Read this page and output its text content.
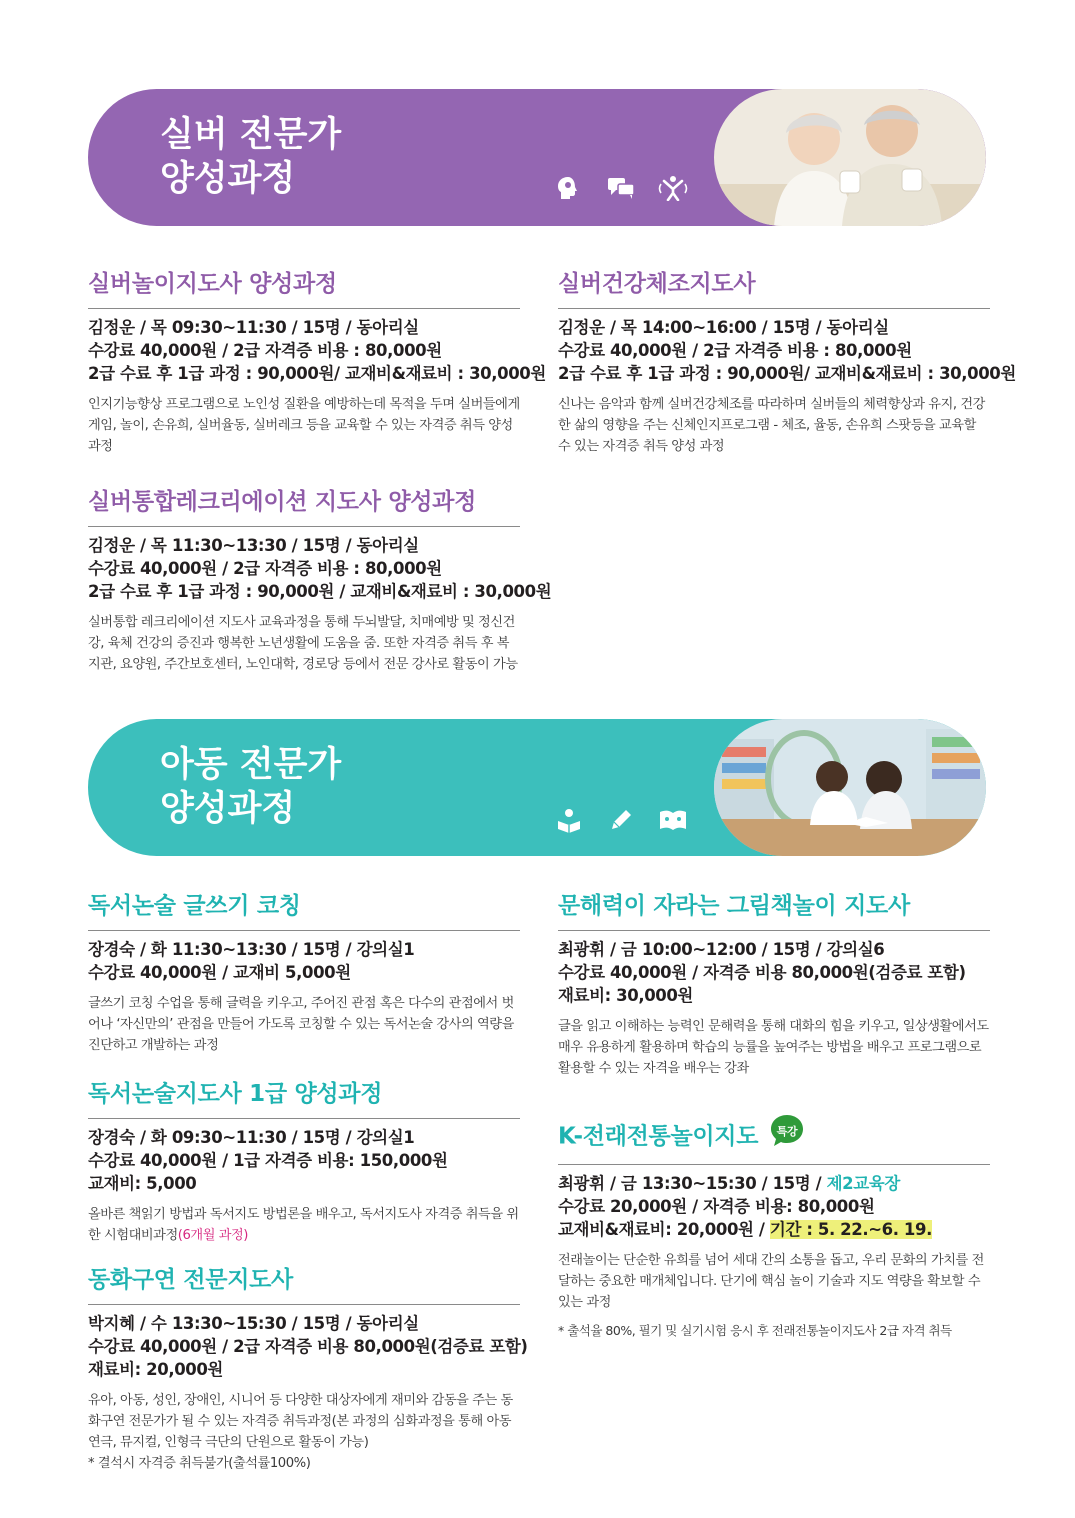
실버 전문가
양성과정
실버놀이지도사 양성과정
김정운 / 목 09:30~11:30 / 15명 / 동아리실
수강료 40,000원 / 2급 자격증 비용 : 80,000원
2급 수료 후 1급 과정 : 90,000원/ 교재비&재료비 : 30,000원
인지기능향상 프로그램으로 노인성 질환을 예방하는데 목적을 두며 실버들에게 게임, 놀이, 손유희, 실버율동, 실버레크 등을 교육할 수 있는 자격증 취득 양성 과정
실버건강체조지도사
김정운 / 목 14:00~16:00 / 15명 / 동아리실
수강료 40,000원 / 2급 자격증 비용 : 80,000원
2급 수료 후 1급 과정 : 90,000원/ 교재비&재료비 : 30,000원
신나는 음악과 함께 실버건강체조를 따라하며 실버들의 체력향상과 유지, 건강한 삶의 영향을 주는 신체인지프로그램 - 체조, 율동, 손유희 스팟등을 교육할 수 있는 자격증 취득 양성 과정
실버통합레크리에이션 지도사 양성과정
김정운 / 목 11:30~13:30 / 15명 / 동아리실
수강료 40,000원 / 2급 자격증 비용 : 80,000원
2급 수료 후 1급 과정 : 90,000원 / 교재비&재료비 : 30,000원
실버통합 레크리에이션 지도사 교육과정을 통해 두뇌발달, 치매예방 및 정신건강, 육체 건강의 증진과 행복한 노년생활에 도움을 줌. 또한 자격증 취득 후 복지관, 요양원, 주간보호센터, 노인대학, 경로당 등에서 전문 강사로 활동이 가능
아동 전문가
양성과정
독서논술 글쓰기 코칭
장경숙 / 화 11:30~13:30 / 15명 / 강의실1
수강료 40,000원 / 교재비 5,000원
글쓰기 코칭 수업을 통해 글력을 키우고, 주어진 관점 혹은 다수의 관점에서 벗어나 ‘자신만의’ 관점을 만들어 가도록 코칭할 수 있는 독서논술 강사의 역량을 진단하고 개발하는 과정
독서논술지도사 1급 양성과정
장경숙 / 화 09:30~11:30 / 15명 / 강의실1
수강료 40,000원 / 1급 자격증 비용: 150,000원
교재비: 5,000
올바른 책읽기 방법과 독서지도 방법론을 배우고, 독서지도사 자격증 취득을 위한 시험대비과정(6개월 과정)
동화구연 전문지도사
박지혜 / 수 13:30~15:30 / 15명 / 동아리실
수강료 40,000원 / 2급 자격증 비용 80,000원(검증료 포함)
재료비: 20,000원
유아, 아동, 성인, 장애인, 시니어 등 다양한 대상자에게 재미와 감동을 주는 동화구연 전문가가 될 수 있는 자격증 취득과정(본 과정의 심화과정을 통해 아동 연극, 뮤지컬, 인형극 극단의 단원으로 활동이 가능)
* 결석시 자격증 취득불가(출석률100%)
문해력이 자라는 그림책놀이 지도사
최광휘 / 금 10:00~12:00 / 15명 / 강의실6
수강료 40,000원 / 자격증 비용 80,000원(검증료 포함)
재료비: 30,000원
글을 읽고 이해하는 능력인 문해력을 통해 대화의 힘을 키우고, 일상생활에서도 매우 유용하게 활용하며 학습의 능률을 높여주는 방법을 배우고 프로그램으로 활용할 수 있는 자격을 배우는 강좌
K-전래전통놀이지도 특강
최광휘 / 금 13:30~15:30 / 15명 / 제2교육장
수강료 20,000원 / 자격증 비용: 80,000원
교재비&재료비: 20,000원 / 기간 : 5. 22.~6. 19.
전래놀이는 단순한 유희를 넘어 세대 간의 소통을 돕고, 우리 문화의 가치를 전달하는 중요한 매개체입니다. 단기에 핵심 놀이 기술과 지도 역량을 확보할 수 있는 과정
* 출석율 80%, 필기 및 실기시험 응시 후 전래전통놀이지도사 2급 자격 취득
